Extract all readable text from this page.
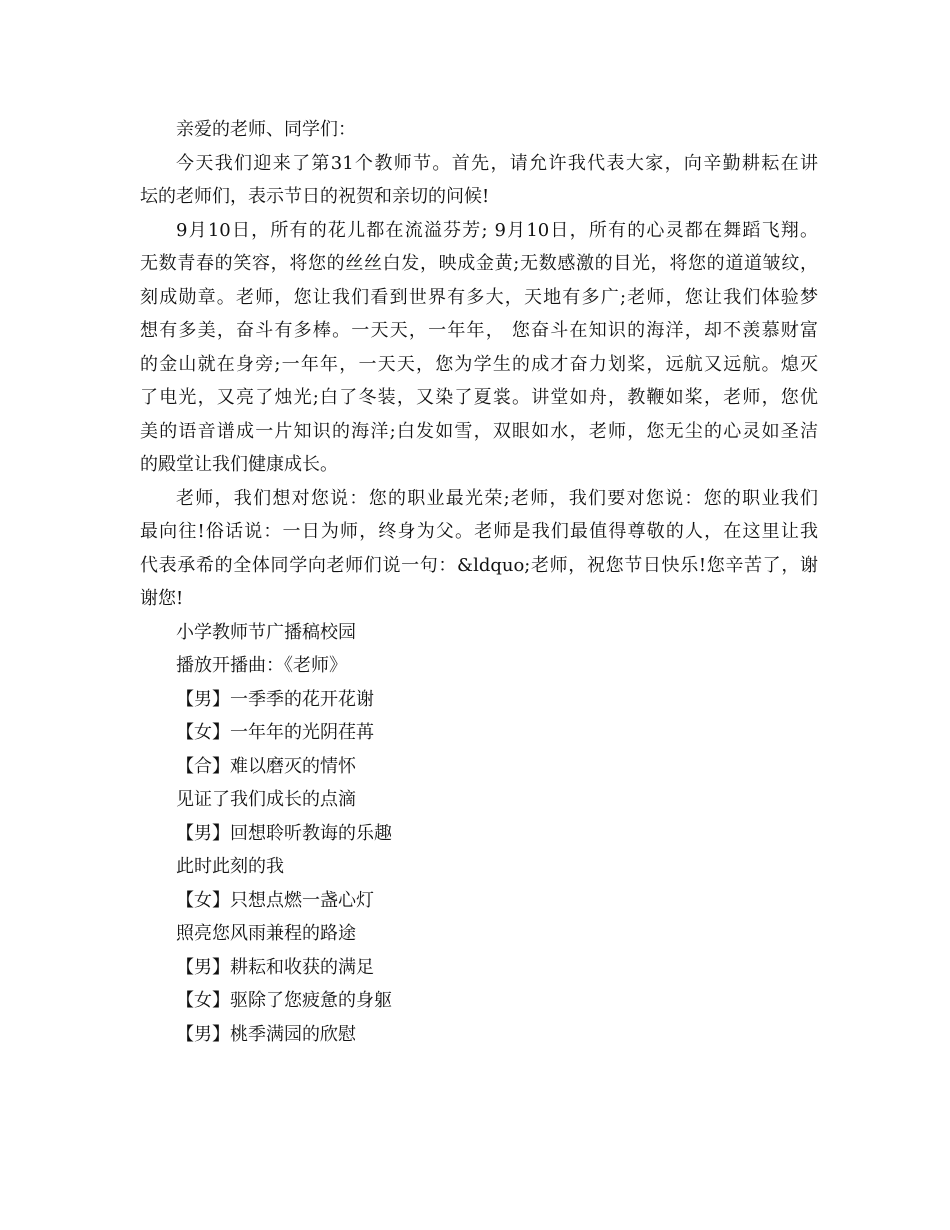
亲爱的老师、同学们：
今天我们迎来了第31个教师节。首先，请允许我代表大家，向辛勤耕耘在讲
坛的老师们，表示节日的祝贺和亲切的问候!
9月10日，所有的花儿都在流溢芬芳; 9月10日，所有的心灵都在舞蹈飞翔。
无数青春的笑容，将您的丝丝白发，映成金黄;无数感激的目光，将您的道道皱纹，
刻成勋章。老师，您让我们看到世界有多大，天地有多广;老师，您让我们体验梦
想有多美，奋斗有多棒。一天天，一年年， 您奋斗在知识的海洋，却不羡慕财富
的金山就在身旁;一年年，一天天，您为学生的成才奋力划桨，远航又远航。熄灭
了电光，又亮了烛光;白了冬装，又染了夏裳。讲堂如舟，教鞭如桨，老师，您优
美的语音谱成一片知识的海洋;白发如雪，双眼如水，老师，您无尘的心灵如圣洁
的殿堂让我们健康成长。
老师，我们想对您说：您的职业最光荣;老师，我们要对您说：您的职业我们
最向往!俗话说：一日为师，终身为父。老师是我们最值得尊敬的人，在这里让我
代表承希的全体同学向老师们说一句：&ldquo;老师，祝您节日快乐!您辛苦了，谢
谢您!
小学教师节广播稿校园
播放开播曲：《老师》
【男】一季季的花开花谢
【女】一年年的光阴荏苒
【合】难以磨灭的情怀
见证了我们成长的点滴
【男】回想聆听教诲的乐趣
此时此刻的我
【女】只想点燃一盏心灯
照亮您风雨兼程的路途
【男】耕耘和收获的满足
【女】驱除了您疲惫的身躯
【男】桃季满园的欣慰
